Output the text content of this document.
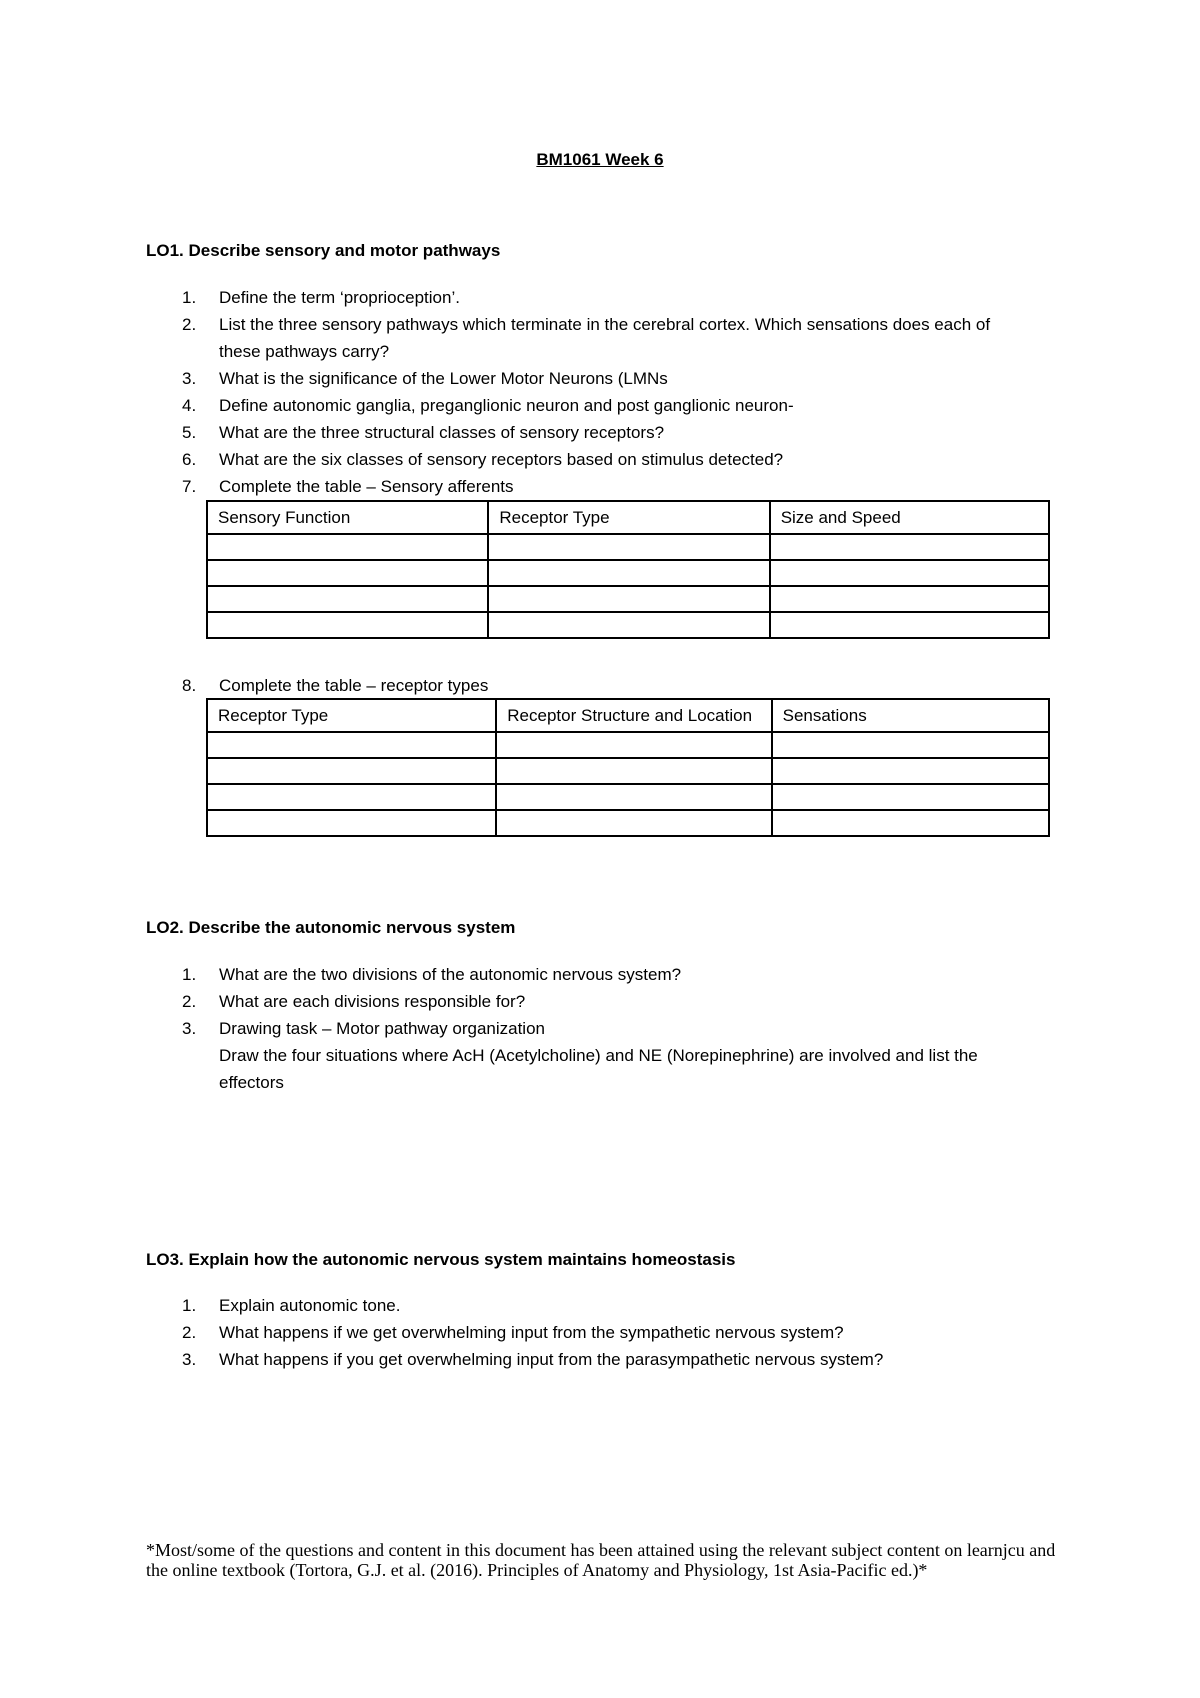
BM1061 Week 6
LO1. Describe sensory and motor pathways
1. Define the term ‘proprioception’.
2. List the three sensory pathways which terminate in the cerebral cortex. Which sensations does each of these pathways carry?
3. What is the significance of the Lower Motor Neurons (LMNs
4. Define autonomic ganglia, preganglionic neuron and post ganglionic neuron-
5. What are the three structural classes of sensory receptors?
6. What are the six classes of sensory receptors based on stimulus detected?
7. Complete the table – Sensory afferents
Sensory Function	Receptor Type	Size and Speed

8. Complete the table – receptor types
Receptor Type	Receptor Structure and Location	Sensations

LO2. Describe the autonomic nervous system
1. What are the two divisions of the autonomic nervous system?
2. What are each divisions responsible for?
3. Drawing task – Motor pathway organization
Draw the four situations where AcH (Acetylcholine) and NE (Norepinephrine) are involved and list the effectors
LO3. Explain how the autonomic nervous system maintains homeostasis
1. Explain autonomic tone.
2. What happens if we get overwhelming input from the sympathetic nervous system?
3. What happens if you get overwhelming input from the parasympathetic nervous system?
*Most/some of the questions and content in this document has been attained using the relevant subject content on learnjcu and the online textbook (Tortora, G.J. et al. (2016). Principles of Anatomy and Physiology, 1st Asia-Pacific ed.)*
